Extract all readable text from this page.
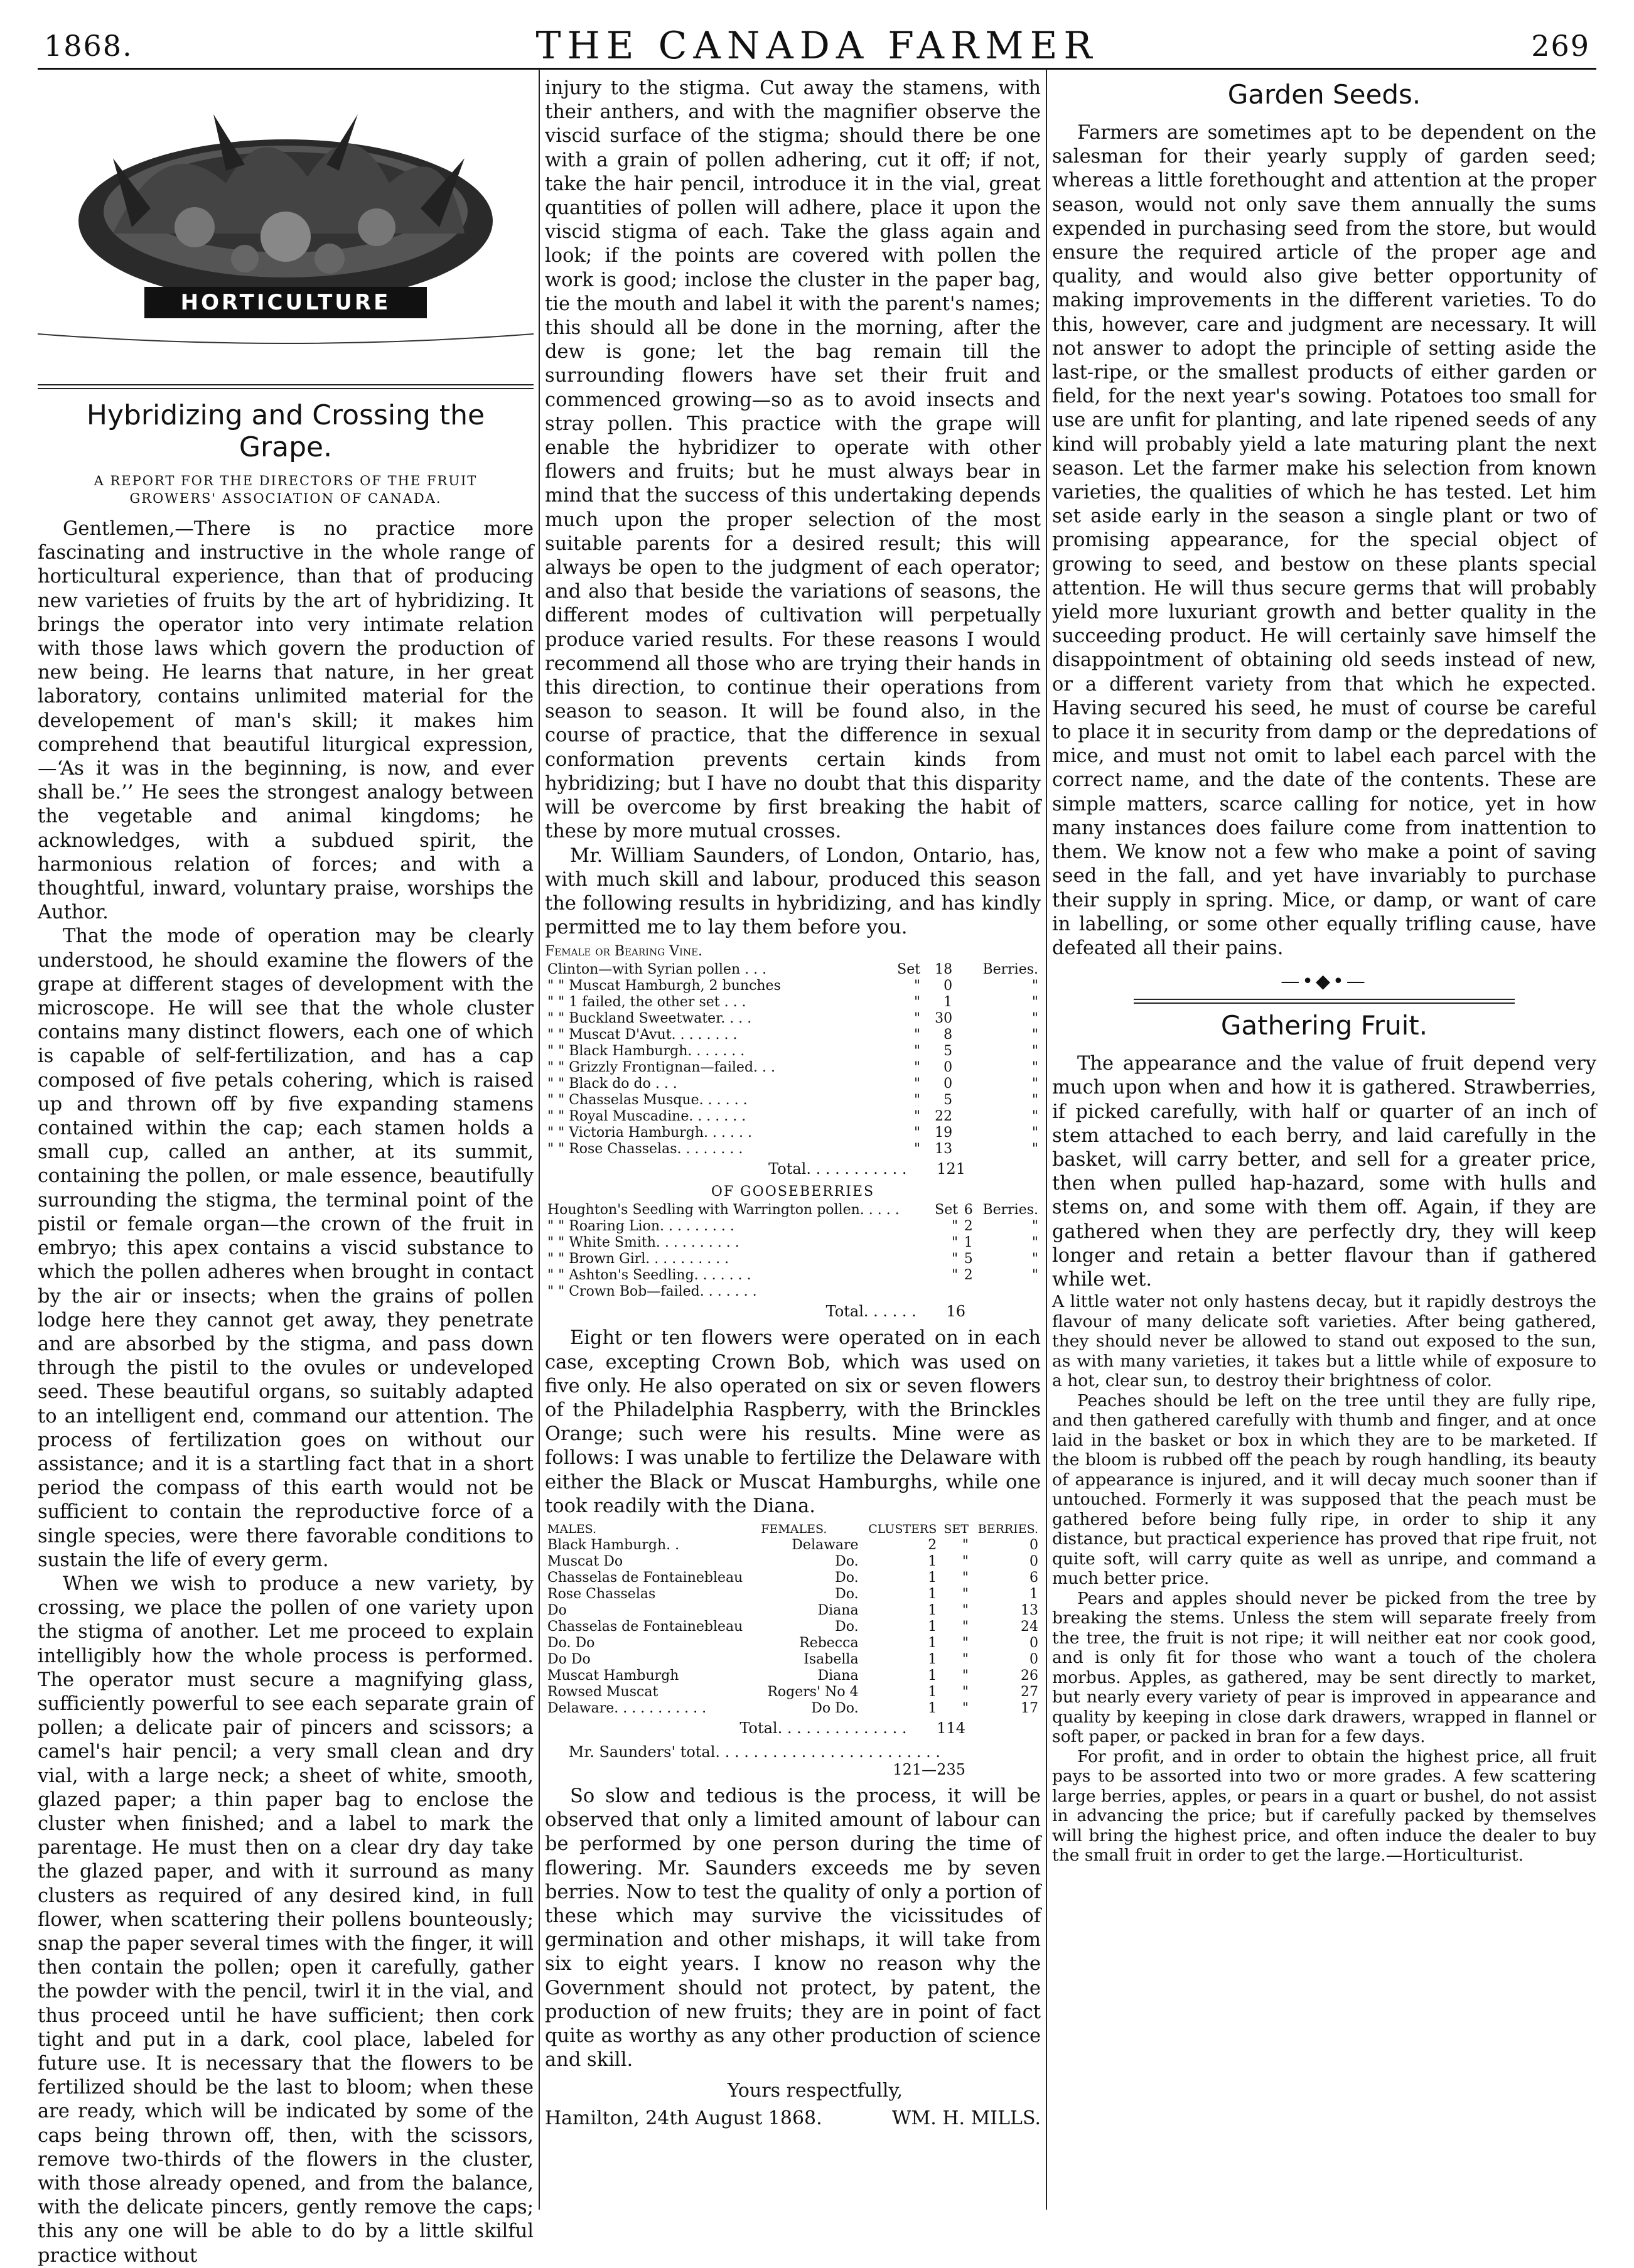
1868.	THE CANADA FARMER	269
HORTICULTURE
Hybridizing and Crossing the Grape.

A REPORT FOR THE DIRECTORS OF THE FRUIT GROWERS' ASSOCIATION OF CANADA.

Gentlemen,—There is no practice more fascinating and instructive in the whole range of horticultural experience, than that of producing new varieties of fruits by the art of hybridizing. It brings the operator into very intimate relation with those laws which govern the production of new being. He learns that nature, in her great laboratory, contains unlimited material for the developement of man's skill; it makes him comprehend that beautiful liturgical expression,—‘As it was in the beginning, is now, and ever shall be.’’ He sees the strongest analogy between the vegetable and animal kingdoms; he acknowledges, with a subdued spirit, the harmonious relation of forces; and with a thoughtful, inward, voluntary praise, worships the Author.

That the mode of operation may be clearly understood, he should examine the flowers of the grape at different stages of development with the microscope. He will see that the whole cluster contains many distinct flowers, each one of which is capable of self-fertilization, and has a cap composed of five petals cohering, which is raised up and thrown off by five expanding stamens contained within the cap; each stamen holds a small cup, called an anther, at its summit, containing the pollen, or male essence, beautifully surrounding the stigma, the terminal point of the pistil or female organ—the crown of the fruit in embryo; this apex contains a viscid substance to which the pollen adheres when brought in contact by the air or insects; when the grains of pollen lodge here they cannot get away, they penetrate and are absorbed by the stigma, and pass down through the pistil to the ovules or undeveloped seed. These beautiful organs, so suitably adapted to an intelligent end, command our attention. The process of fertilization goes on without our assistance; and it is a startling fact that in a short period the compass of this earth would not be sufficient to contain the reproductive force of a single species, were there favorable conditions to sustain the life of every germ.

When we wish to produce a new variety, by crossing, we place the pollen of one variety upon the stigma of another. Let me proceed to explain intelligibly how the whole process is performed. The operator must secure a magnifying glass, sufficiently powerful to see each separate grain of pollen; a delicate pair of pincers and scissors; a camel's hair pencil; a very small clean and dry vial, with a large neck; a sheet of white, smooth, glazed paper; a thin paper bag to enclose the cluster when finished; and a label to mark the parentage. He must then on a clear dry day take the glazed paper, and with it surround as many clusters as required of any desired kind, in full flower, when scattering their pollens bounteously; snap the paper several times with the finger, it will then contain the pollen; open it carefully, gather the powder with the pencil, twirl it in the vial, and thus proceed until he have sufficient; then cork tight and put in a dark, cool place, labeled for future use. It is necessary that the flowers to be fertilized should be the last to bloom; when these are ready, which will be indicated by some of the caps being thrown off, then, with the scissors, remove two-thirds of the flowers in the cluster, with those already opened, and from the balance, with the delicate pincers, gently remove the caps; this any one will be able to do by a little skilful practice without

injury to the stigma. Cut away the stamens, with their anthers, and with the magnifier observe the viscid surface of the stigma; should there be one with a grain of pollen adhering, cut it off; if not, take the hair pencil, introduce it in the vial, great quantities of pollen will adhere, place it upon the viscid stigma of each. Take the glass again and look; if the points are covered with pollen the work is good; inclose the cluster in the paper bag, tie the mouth and label it with the parent's names; this should all be done in the morning, after the dew is gone; let the bag remain till the surrounding flowers have set their fruit and commenced growing—so as to avoid insects and stray pollen. This practice with the grape will enable the hybridizer to operate with other flowers and fruits; but he must always bear in mind that the success of this undertaking depends much upon the proper selection of the most suitable parents for a desired result; this will always be open to the judgment of each operator; and also that beside the variations of seasons, the different modes of cultivation will perpetually produce varied results. For these reasons I would recommend all those who are trying their hands in this direction, to continue their operations from season to season. It will be found also, in the course of practice, that the difference in sexual conformation prevents certain kinds from hybridizing; but I have no doubt that this disparity will be overcome by first breaking the habit of these by more mutual crosses.

Mr. William Saunders, of London, Ontario, has, with much skill and labour, produced this season the following results in hybridizing, and has kindly permitted me to lay them before you.

Female or Bearing Vine.
Clinton—with Syrian pollen . . .	Set	18	Berries.
" " Muscat Hamburgh, 2 bunches	"	0	"
" " 1 failed, the other set . . .	"	1	"
" " Buckland Sweetwater. . . .	"	30	"
" " Muscat D'Avut. . . . . . . .	"	8	"
" " Black Hamburgh. . . . . . .	"	5	"
" " Grizzly Frontignan—failed. . .	"	0	"
" " Black do do . . .	"	0	"
" " Chasselas Musque. . . . . .	"	5	"
" " Royal Muscadine. . . . . . .	"	22	"
" " Victoria Hamburgh. . . . . .	"	19	"
" " Rose Chasselas. . . . . . . .	"	13	"
Total. . . . . . . . . . . 121
OF GOOSEBERRIES
Houghton's Seedling with Warrington pollen. . . . .	Set	6	Berries.
" " Roaring Lion. . . . . . . . .	"	2	"
" " White Smith. . . . . . . . . .	"	1	"
" " Brown Girl. . . . . . . . . .	"	5	"
" " Ashton's Seedling. . . . . . .	"	2	"
" " Crown Bob—failed. . . . . . .			
Total. . . . . . 16

Eight or ten flowers were operated on in each case, excepting Crown Bob, which was used on five only. He also operated on six or seven flowers of the Philadelphia Raspberry, with the Brinckles Orange; such were his results. Mine were as follows: I was unable to fertilize the Delaware with either the Black or Muscat Hamburghs, while one took readily with the Diana.

MALES.	FEMALES.	CLUSTERS	SET	BERRIES.
Black Hamburgh. .	Delaware	2	"	0
Muscat Do	Do.	1	"	0
Chasselas de Fontainebleau	Do.	1	"	6
Rose Chasselas	Do.	1	"	1
Do	Diana	1	"	13
Chasselas de Fontainebleau	Do.	1	"	24
Do. Do	Rebecca	1	"	0
Do Do	Isabella	1	"	0
Muscat Hamburgh	Diana	1	"	26
Rowsed Muscat	Rogers' No 4	1	"	27
Delaware. . . . . . . . . . .	Do Do.	1	"	17
Total. . . . . . . . . . . . . . 114
Mr. Saunders' total. . . . . . . . . . . . . . . . . . . . . . . . 121—235

So slow and tedious is the process, it will be observed that only a limited amount of labour can be performed by one person during the time of flowering. Mr. Saunders exceeds me by seven berries. Now to test the quality of only a portion of these which may survive the vicissitudes of germination and other mishaps, it will take from six to eight years. I know no reason why the Government should not protect, by patent, the production of new fruits; they are in point of fact quite as worthy as any other production of science and skill.

Yours respectfully,
Hamilton, 24th August 1868.	WM. H. MILLS.
Garden Seeds.

Farmers are sometimes apt to be dependent on the salesman for their yearly supply of garden seed; whereas a little forethought and attention at the proper season, would not only save them annually the sums expended in purchasing seed from the store, but would ensure the required article of the proper age and quality, and would also give better opportunity of making improvements in the different varieties. To do this, however, care and judgment are necessary. It will not answer to adopt the principle of setting aside the last-ripe, or the smallest products of either garden or field, for the next year's sowing. Potatoes too small for use are unfit for planting, and late ripened seeds of any kind will probably yield a late maturing plant the next season. Let the farmer make his selection from known varieties, the qualities of which he has tested. Let him set aside early in the season a single plant or two of promising appearance, for the special object of growing to seed, and bestow on these plants special attention. He will thus secure germs that will probably yield more luxuriant growth and better quality in the succeeding product. He will certainly save himself the disappointment of obtaining old seeds instead of new, or a different variety from that which he expected. Having secured his seed, he must of course be careful to place it in security from damp or the depredations of mice, and must not omit to label each parcel with the correct name, and the date of the contents. These are simple matters, scarce calling for notice, yet in how many instances does failure come from inattention to them. We know not a few who make a point of saving seed in the fall, and yet have invariably to purchase their supply in spring. Mice, or damp, or want of care in labelling, or some other equally trifling cause, have defeated all their pains.

—•◆•—
Gathering Fruit.

The appearance and the value of fruit depend very much upon when and how it is gathered. Strawberries, if picked carefully, with half or quarter of an inch of stem attached to each berry, and laid carefully in the basket, will carry better, and sell for a greater price, then when pulled hap-hazard, some with hulls and stems on, and some with them off. Again, if they are gathered when they are perfectly dry, they will keep longer and retain a better flavour than if gathered while wet.

A little water not only hastens decay, but it rapidly destroys the flavour of many delicate soft varieties. After being gathered, they should never be allowed to stand out exposed to the sun, as with many varieties, it takes but a little while of exposure to a hot, clear sun, to destroy their brightness of color.

Peaches should be left on the tree until they are fully ripe, and then gathered carefully with thumb and finger, and at once laid in the basket or box in which they are to be marketed. If the bloom is rubbed off the peach by rough handling, its beauty of appearance is injured, and it will decay much sooner than if untouched. Formerly it was supposed that the peach must be gathered before being fully ripe, in order to ship it any distance, but practical experience has proved that ripe fruit, not quite soft, will carry quite as well as unripe, and command a much better price.

Pears and apples should never be picked from the tree by breaking the stems. Unless the stem will separate freely from the tree, the fruit is not ripe; it will neither eat nor cook good, and is only fit for those who want a touch of the cholera morbus. Apples, as gathered, may be sent directly to market, but nearly every variety of pear is improved in appearance and quality by keeping in close dark drawers, wrapped in flannel or soft paper, or packed in bran for a few days.

For profit, and in order to obtain the highest price, all fruit pays to be assorted into two or more grades. A few scattering large berries, apples, or pears in a quart or bushel, do not assist in advancing the price; but if carefully packed by themselves will bring the highest price, and often induce the dealer to buy the small fruit in order to get the large.—Horticulturist.
